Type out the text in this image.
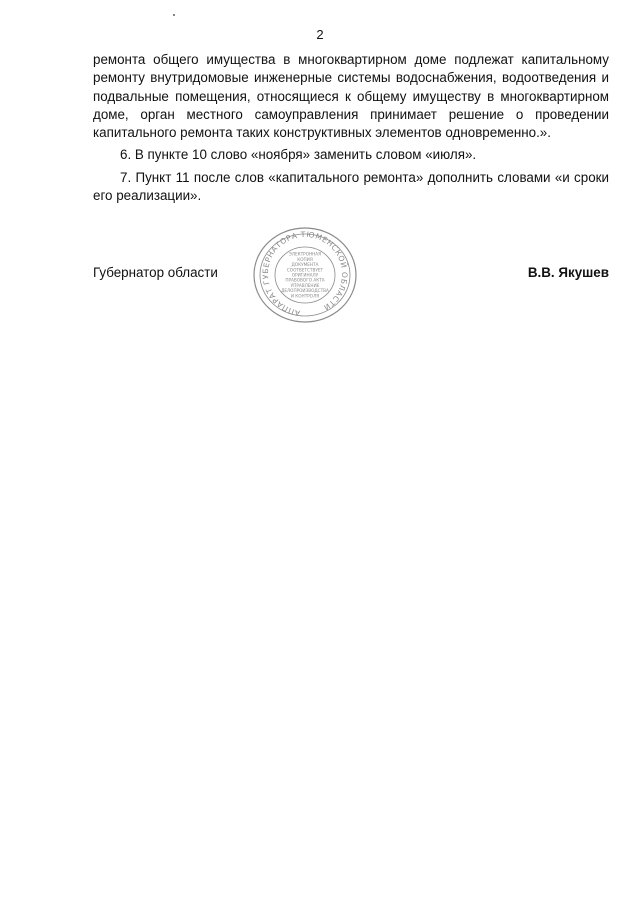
2

ремонта общего имущества в многоквартирном доме подлежат капитальному ремонту внутридомовые инженерные системы водоснабжения, водоотведения и подвальные помещения, относящиеся к общему имуществу в многоквартирном доме, орган местного самоуправления принимает решение о проведении капитального ремонта таких конструктивных элементов одновременно.».

6. В пункте 10 слово «ноября» заменить словом «июля».

7. Пункт 11 после слов «капитального ремонта» дополнить словами «и сроки его реализации».

Губернатор области
АППАРАТ ГУБЕРНАТОРА ТЮМЕНСКОЙ ОБЛАСТИ
ЭЛЕКТРОННАЯ
КОПИЯ
ДОКУМЕНТА
СООТВЕТСТВУЕТ
ОРИГИНАЛУ
ПРАВОВОГО АКТА
УПРАВЛЕНИЕ
ДЕЛОПРОИЗВОДСТВА
И КОНТРОЛЯ
В.В. Якушев
